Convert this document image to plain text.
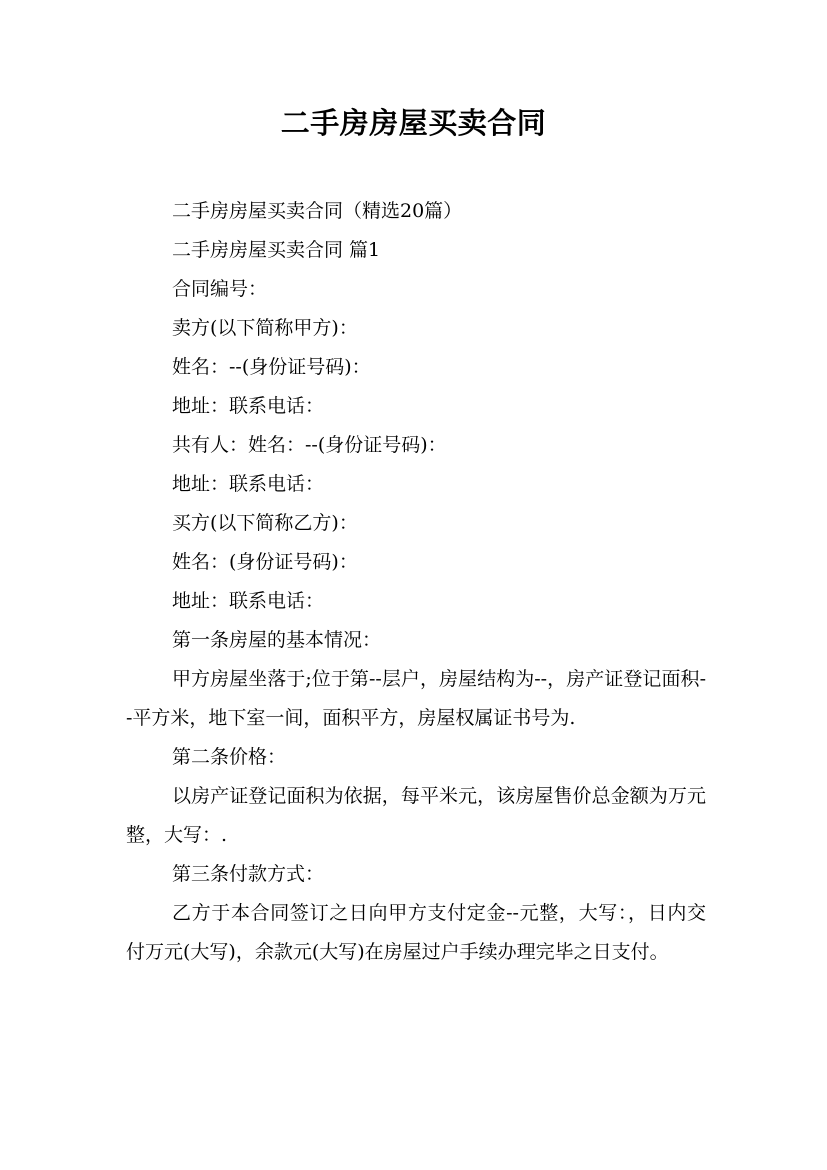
二手房房屋买卖合同

二手房房屋买卖合同（精选20篇）

二手房房屋买卖合同 篇1

合同编号：

卖方(以下简称甲方)：

姓名：--(身份证号码)：

地址：联系电话：

共有人：姓名：--(身份证号码)：

地址：联系电话：

买方(以下简称乙方)：

姓名：(身份证号码)：

地址：联系电话：

第一条房屋的基本情况：

甲方房屋坐落于;位于第--层户，房屋结构为--，房产证登记面积--平方米，地下室一间，面积平方，房屋权属证书号为.

第二条价格：

以房产证登记面积为依据，每平米元，该房屋售价总金额为万元整，大写：.

第三条付款方式：

乙方于本合同签订之日向甲方支付定金--元整，大写：，日内交付万元(大写)，余款元(大写)在房屋过户手续办理完毕之日支付。
